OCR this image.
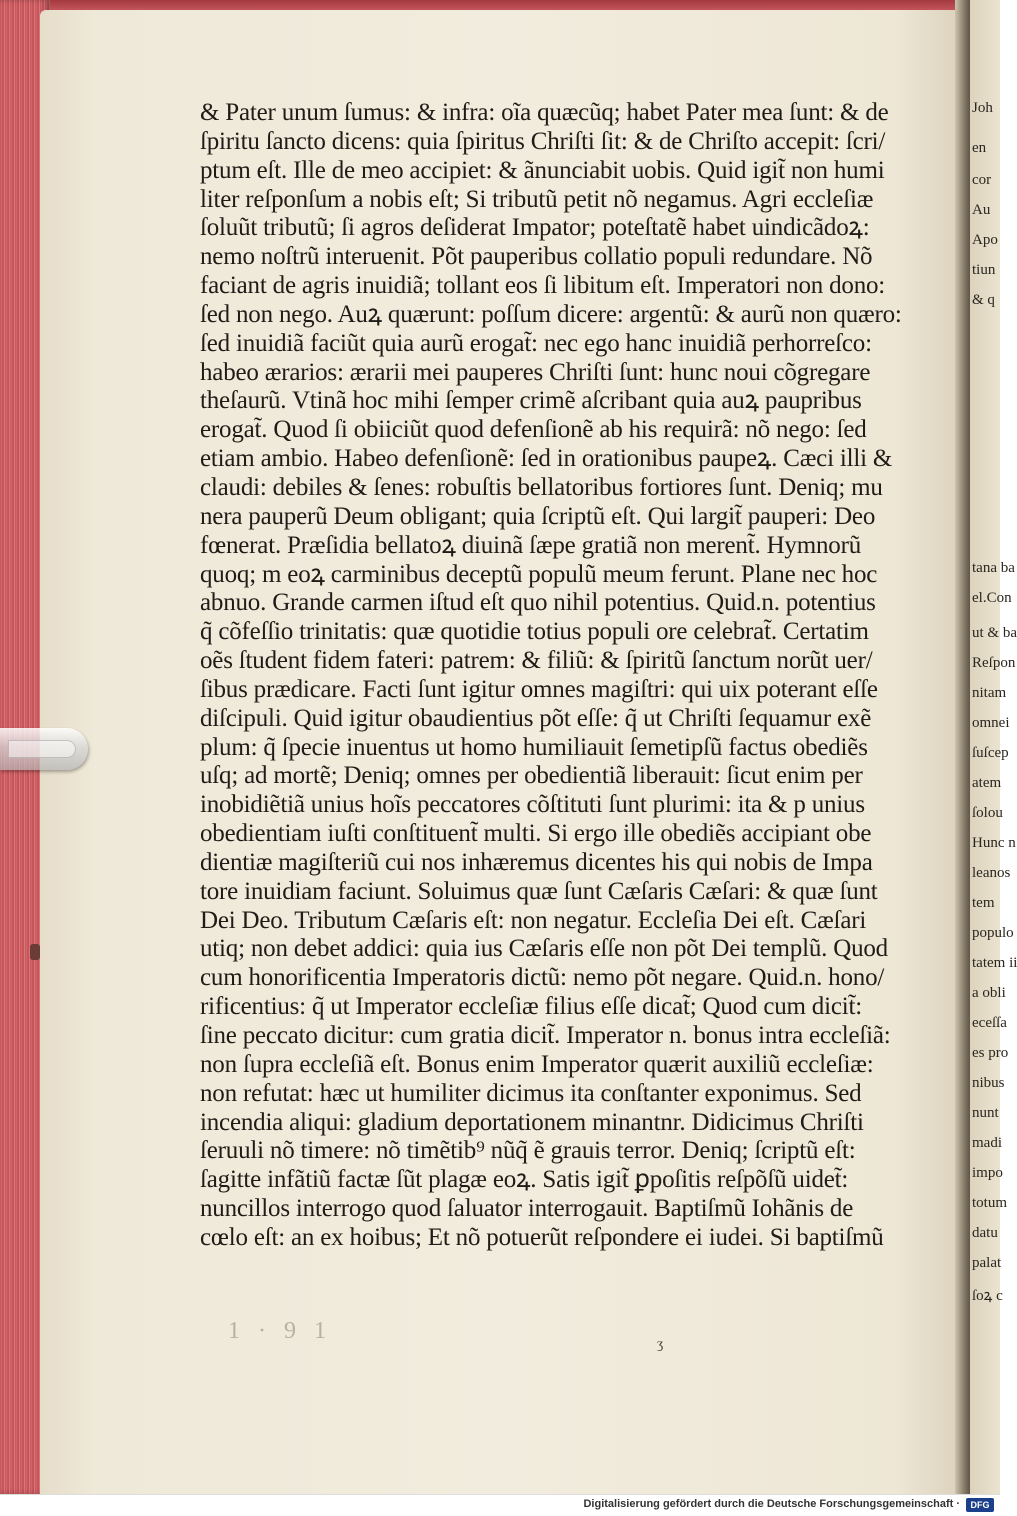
& Pater unum ſumus: & infra: oĩa quæcũq; habet Pater mea ſunt: & de
ſpiritu ſancto dicens: quia ſpiritus Chriſti ſit: & de Chriſto accepit: ſcri/
ptum eſt. Ille de meo accipiet: & ãnunciabit uobis. Quid igit̃ non humi
liter reſponſum a nobis eſt; Si tributũ petit nõ negamus. Agri eccleſiæ
ſoluũt tributũ; ſi agros deſiderat Impator; poteſtatẽ habet uindicãdoꝝ:
nemo noſtrũ interuenit. Põt pauperibus collatio populi redundare. Nõ
faciant de agris inuidiã; tollant eos ſi libitum eſt. Imperatori non dono:
ſed non nego. Auꝝ quærunt: poſſum dicere: argentũ: & aurũ non quæro:
ſed inuidiã faciũt quia aurũ erogat̃: nec ego hanc inuidiã perhorreſco:
habeo ærarios: ærarii mei pauperes Chriſti ſunt: hunc noui cõgregare
theſaurũ. Vtinã hoc mihi ſemper crimẽ aſcribant quia auꝝ paupribus
erogat̃. Quod ſi obiiciũt quod defenſionẽ ab his requirã: nõ nego: ſed
etiam ambio. Habeo defenſionẽ: ſed in orationibus paupeꝝ. Cæci illi &
claudi: debiles & ſenes: robuſtis bellatoribus fortiores ſunt. Deniq; mu
nera pauperũ Deum obligant; quia ſcriptũ eſt. Qui largit̃ pauperi: Deo
fœnerat. Præſidia bellatoꝝ diuinã ſæpe gratiã non merent̃. Hymnorũ
quoq; m eoꝝ carminibus deceptũ populũ meum ferunt. Plane nec hoc
abnuo. Grande carmen iſtud eſt quo nihil potentius. Quid.n. potentius
q̃ cõfeſſio trinitatis: quæ quotidie totius populi ore celebrat̃. Certatim
oẽs ſtudent fidem fateri: patrem: & filiũ: & ſpiritũ ſanctum norũt uer/
ſibus prædicare. Facti ſunt igitur omnes magiſtri: qui uix poterant eſſe
diſcipuli. Quid igitur obaudientius põt eſſe: q̃ ut Chriſti ſequamur exẽ
plum: q̃ ſpecie inuentus ut homo humiliauit ſemetipſũ factus obediẽs
uſq; ad mortẽ; Deniq; omnes per obedientiã liberauit: ſicut enim per
inobidiẽtiã unius hoĩs peccatores cõſtituti ſunt plurimi: ita & p unius
obedientiam iuſti conſtituent̃ multi. Si ergo ille obediẽs accipiant obe
dientiæ magiſteriũ cui nos inhæremus dicentes his qui nobis de Impa
tore inuidiam faciunt. Soluimus quæ ſunt Cæſaris Cæſari: & quæ ſunt
Dei Deo. Tributum Cæſaris eſt: non negatur. Eccleſia Dei eſt. Cæſari
utiq; non debet addici: quia ius Cæſaris eſſe non põt Dei templũ. Quod
cum honorificentia Imperatoris dictũ: nemo põt negare. Quid.n. hono/
rificentius: q̃ ut Imperator eccleſiæ filius eſſe dicat̃; Quod cum dicit̃:
ſine peccato dicitur: cum gratia dicit̃. Imperator n. bonus intra eccleſiã:
non ſupra eccleſiã eſt. Bonus enim Imperator quærit auxiliũ eccleſiæ:
non refutat: hæc ut humiliter dicimus ita conſtanter exponimus. Sed
incendia aliqui: gladium deportationem minantnr. Didicimus Chriſti
ſeruuli nõ timere: nõ timẽtib⁹ nũq̃ ẽ grauis terror. Deniq; ſcriptũ eſt:
ſagitte infãtiũ factæ ſũt plagæ eoꝝ. Satis igit̃ ꝑpoſitis reſpõſũ uidet̃:
nuncillos interrogo quod ſaluator interrogauit. Baptiſmũ Iohãnis de
cœlo eſt: an ex hoibus; Et nõ potuerũt reſpondere ei iudei. Si baptiſmũ
1 · 9 1
ʒ
Joh
en
cor
Au
Apo
tiun
& q
tana ba
el.Con
ut & ba
Reſpon
nitam
omnei
ſuſcep
atem
ſolou
Hunc n
leanos
tem
populo
tatem ii
a obli
eceſſa
es pro
nibus
nunt
madi
impo
totum
datu
palat
ſoꝝ c
Digitalisierung gefördert durch die Deutsche Forschungsgemeinschaft ·	DFG
